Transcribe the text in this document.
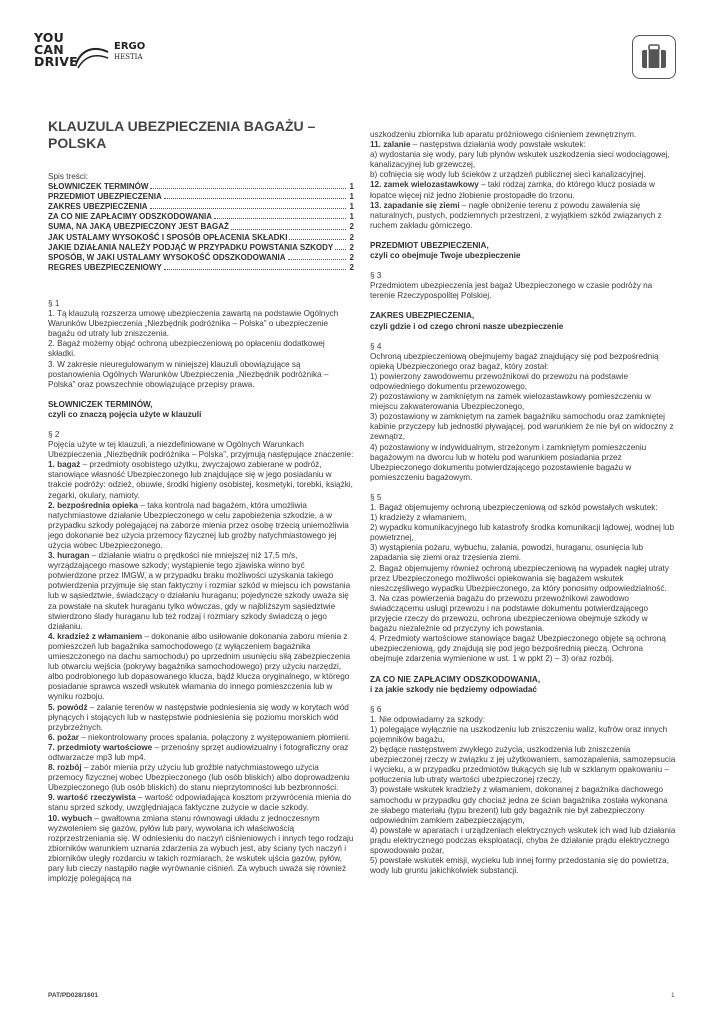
YOU
CAN
DRIVE
ERGO
HESTIA
KLAUZULA UBEZPIECZENIA BAGAŻU – POLSKA

Spis treści:

SŁOWNICZEK TERMINÓW	1
PRZEDMIOT UBEZPIECZENIA	1
ZAKRES UBEZPIECZENIA	1
ZA CO NIE ZAPŁACIMY ODSZKODOWANIA	1
SUMA, NA JAKĄ UBEZPIECZONY JEST BAGAŻ	2
JAK USTALAMY WYSOKOŚĆ I SPOSÓB OPŁACENIA SKŁADKI	2
JAKIE DZIAŁANIA NALEŻY PODJĄĆ W PRZYPADKU POWSTANIA SZKODY 2
SPOSÓB, W JAKI USTALAMY WYSOKOŚĆ ODSZKODOWANIA	2
REGRES UBEZPIECZENIOWY	2

§ 1

1. Tą klauzulą rozszerza umowę ubezpieczenia zawartą na podstawie Ogólnych Warunków Ubezpieczenia „Niezbędnik podróżnika – Polska” o ubezpieczenie bagażu od utraty lub zniszczenia.

2. Bagaż możemy objąć ochroną ubezpieczeniową po opłaceniu dodatkowej składki.

3. W zakresie nieuregulowanym w niniejszej klauzuli obowiązujące są postanowienia Ogólnych Warunków Ubezpieczenia „Niezbędnik podróżnika – Polska” oraz powszechnie obowiązujące przepisy prawa.

SŁOWNICZEK TERMINÓW,

czyli co znaczą pojęcia użyte w klauzuli

§ 2

Pojęcia użyte w tej klauzuli, a niezdefiniowane w Ogólnych Warunkach Ubezpieczenia „Niezbędnik podróżnika – Polska”, przyjmują następujące znaczenie:

1. bagaż – przedmioty osobistego użytku, zwyczajowo zabierane w podróż, stanowiące własność Ubezpieczonego lub znajdujące się w jego posiadaniu w trakcie podróży: odzież, obuwie, środki higieny osobistej, kosmetyki, torebki, książki, zegarki, okulary, namioty.

2. bezpośrednia opieka – taka kontrola nad bagażem, która umożliwia natychmiastowe działanie Ubezpieczonego w celu zapobieżenia szkodzie, a w przypadku szkody polegającej na zaborze mienia przez osobę trzecią uniemożliwia jego dokonanie bez użycia przemocy fizycznej lub groźby natychmiastowego jej użycia wobec Ubezpieczonego.

3. huragan – działanie wiatru o prędkości nie mniejszej niż 17,5 m/s, wyrządzającego masowe szkody; wystąpienie tego zjawiska winno być potwierdzone przez IMGW, a w przypadku braku możliwości uzyskania takiego potwierdzenia przyjmuje się stan faktyczny i rozmiar szkód w miejscu ich powstania lub w sąsiedztwie, świadczący o działaniu huraganu; pojedyncze szkody uważa się za powstałe na skutek huraganu tylko wówczas, gdy w najbliższym sąsiedztwie stwierdzono ślady huraganu lub też rodzaj i rozmiary szkody świadczą o jego działaniu.

4. kradzież z włamaniem – dokonanie albo usiłowanie dokonania zaboru mienia z pomieszczeń lub bagażnika samochodowego (z wyłączeniem bagażnika umieszczonego na dachu samochodu) po uprzednim usunięciu siłą zabezpieczenia lub otwarciu wejścia (pokrywy bagażnika samochodowego) przy użyciu narzędzi, albo podrobionego lub dopasowanego klucza, bądź klucza oryginalnego, w którego posiadanie sprawca wszedł wskutek włamania do innego pomieszczenia lub w wyniku rozboju.

5. powódź – zalanie terenów w następstwie podniesienia się wody w korytach wód płynących i stojących lub w następstwie podniesienia się poziomu morskich wód przybrzeżnych.

6. pożar – niekontrolowany proces spalania, połączony z występowaniem płomieni.

7. przedmioty wartościowe – przenośny sprzęt audiowizualny i fotograficzny oraz odtwarzacze mp3 lub mp4.

8. rozbój – zabór mienia przy użyciu lub groźbie natychmiastowego użycia przemocy fizycznej wobec Ubezpieczonego (lub osób bliskich) albo doprowadzeniu Ubezpieczonego (lub osób bliskich) do stanu nieprzytomności lub bezbronności.

9. wartość rzeczywista – wartość odpowiadająca kosztom przywrócenia mienia do stanu sprzed szkody, uwzględniająca faktyczne zużycie w dacie szkody.

10. wybuch – gwałtowna zmiana stanu równowagi układu z jednoczesnym wyzwoleniem się gazów, pyłów lub pary, wywołana ich właściwością rozprzestrzeniania się. W odniesieniu do naczyń ciśnieniowych i innych tego rodzaju zbiorników warunkiem uznania zdarzenia za wybuch jest, aby ściany tych naczyń i zbiorników uległy rozdarciu w takich rozmiarach, że wskutek ujścia gazów, pyłów, pary lub cieczy nastąpiło nagłe wyrównanie ciśnień. Za wybuch uważa się również implozję polegającą na

uszkodzeniu zbiornika lub aparatu próżniowego ciśnieniem zewnętrznym.

11. zalanie – następstwa działania wody powstałe wskutek:

a) wydostania się wody, pary lub płynów wskutek uszkodzenia sieci wodociągowej, kanalizacyjnej lub grzewczej,

b) cofnięcia się wody lub ścieków z urządzeń publicznej sieci kanalizacyjnej.

12. zamek wielozastawkowy – taki rodzaj zamka, do którego klucz posiada w łopatce więcej niż jedno żłobienie prostopadłe do trzonu.

13. zapadanie się ziemi – nagłe obniżenie terenu z powodu zawalenia się naturalnych, pustych, podziemnych przestrzeni, z wyjątkiem szkód związanych z ruchem zakładu górniczego.

PRZEDMIOT UBEZPIECZENIA,

czyli co obejmuje Twoje ubezpieczenie

§ 3

Przedmiotem ubezpieczenia jest bagaż Ubezpieczonego w czasie podróży na terenie Rzeczypospolitej Polskiej.

ZAKRES UBEZPIECZENIA,

czyli gdzie i od czego chroni nasze ubezpieczenie

§ 4

Ochroną ubezpieczeniową obejmujemy bagaż znajdujący się pod bezpośrednią opieką Ubezpieczonego oraz bagaż, który został:

1) powierzony zawodowemu przewoźnikowi do przewozu na podstawie odpowiedniego dokumentu przewozowego,

2) pozostawiony w zamkniętym na zamek wielozastawkowy pomieszczeniu w miejscu zakwaterowania Ubezpieczonego,

3) pozostawiony w zamkniętym na zamek bagażniku samochodu oraz zamkniętej kabinie przyczepy lub jednostki pływającej, pod warunkiem że nie był on widoczny z zewnątrz,

4) pozostawiony w indywidualnym, strzeżonym i zamkniętym pomieszczeniu bagażowym na dworcu lub w hotelu pod warunkiem posiadania przez Ubezpieczonego dokumentu potwierdzającego pozostawienie bagażu w pomieszczeniu bagażowym.

§ 5

1. Bagaż objemujemy ochroną ubezpieczeniową od szkód powstałych wskutek:

1) kradzieży z włamaniem,

2) wypadku komunikacyjnego lub katastrofy środka komunikacji lądowej, wodnej lub powietrznej,

3) wystąpienia pożaru, wybuchu, zalania, powodzi, huraganu, osunięcia lub zapadania się ziemi oraz trzęsienia ziemi.

2. Bagaż objemujemy również ochroną ubezpieczeniową na wypadek nagłej utraty przez Ubezpieczonego możliwości opiekowania się bagażem wskutek nieszczęśliwego wypadku Ubezpieczonego, za który ponosimy odpowiedzialność.

3. Na czas powierzenia bagażu do przewozu przewoźnikowi zawodowo świadczącemu usługi przewozu i na podstawie dokumentu potwierdzającego przyjęcie rzeczy do przewozu, ochrona ubezpieczeniowa obejmuje szkody w bagażu niezależnie od przyczyny ich powstania.

4. Przedmioty wartościowe stanowiące bagaż Ubezpieczonego objęte są ochroną ubezpieczeniową, gdy znajdują się pod jego bezpośrednią pieczą. Ochrona obejmuje zdarzenia wymienione w ust. 1 w ppkt 2) – 3) oraz rozbój.

ZA CO NIE ZAPŁACIMY ODSZKODOWANIA,

i za jakie szkody nie będziemy odpowiadać

§ 6

1. Nie odpowiadamy za szkody:

1) polegające wyłącznie na uszkodzeniu lub zniszczeniu waliz, kufrów oraz innych pojemników bagażu,

2) będące następstwem zwykłego zużycia, uszkodzenia lub zniszczenia ubezpieczonej rzeczy w związku z jej użytkowaniem, samozapalenia, samozepsucia i wycieku, a w przypadku przedmiotów tłukących się lub w szklanym opakowaniu – potłuczenia lub utraty wartości ubezpieczonej rzeczy,

3) powstałe wskutek kradzieży z włamaniem, dokonanej z bagażnika dachowego samochodu w przypadku gdy chociaż jedna ze ścian bagażnika została wykonana ze słabego materiału (typu brezent) lub gdy bagażnik nie był zabezpieczony odpowiednim zamkiem zabezpieczającym,

4) powstałe w aparatach i urządzeniach elektrycznych wskutek ich wad lub działania prądu elektrycznego podczas eksploatacji, chyba że działanie prądu elektrycznego spowodowało pożar,

5) powstałe wskutek emisji, wycieku lub innej formy przedostania się do powietrza, wody lub gruntu jakichkolwiek substancji.

PAT/PD028/1601	1
